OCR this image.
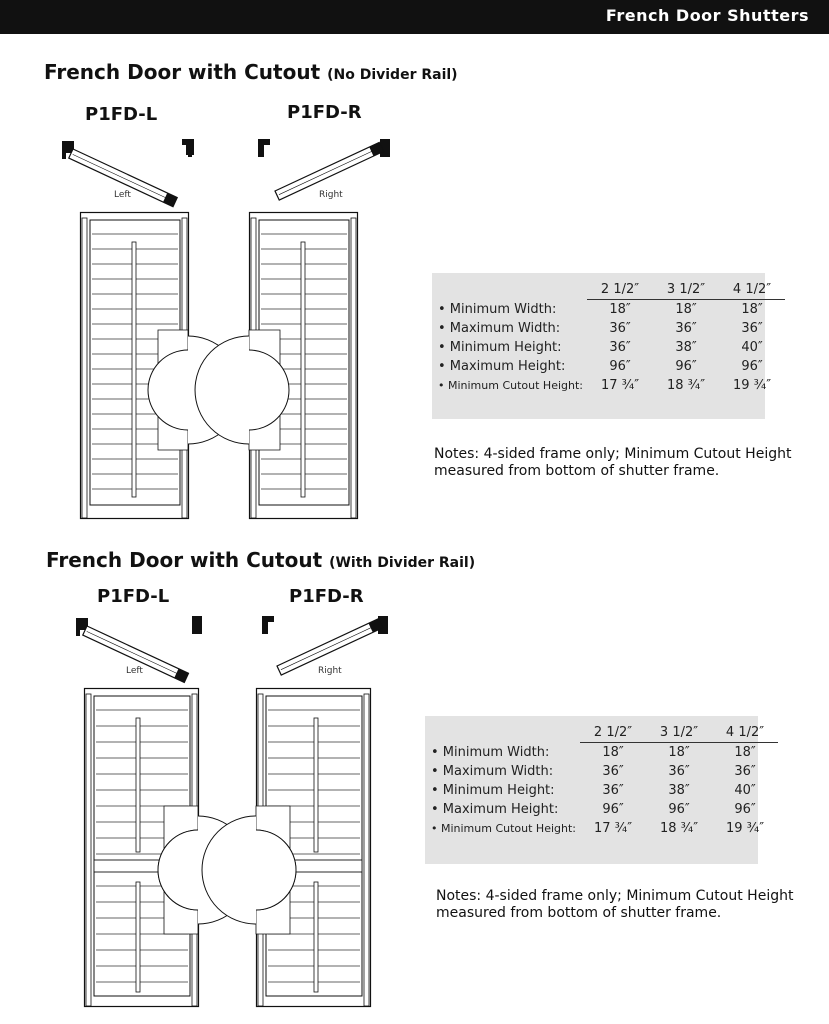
French Door Shutters
French Door with Cutout (No Divider Rail)
P1FD-L	P1FD-R
Left	Right
	2 1/2″	3 1/2″	4 1/2″
• Minimum Width:	18″	18″	18″
• Maximum Width:	36″	36″	36″
• Minimum Height:	36″	38″	40″
• Maximum Height:	96″	96″	96″
• Minimum Cutout Height:	17 ¾″	18 ¾″	19 ¾″
Notes: 4-sided frame only; Minimum Cutout Height
measured from bottom of shutter frame.
French Door with Cutout (With Divider Rail)
P1FD-L	P1FD-R
Left	Right
	2 1/2″	3 1/2″	4 1/2″
• Minimum Width:	18″	18″	18″
• Maximum Width:	36″	36″	36″
• Minimum Height:	36″	38″	40″
• Maximum Height:	96″	96″	96″
• Minimum Cutout Height:	17 ¾″	18 ¾″	19 ¾″
Notes: 4-sided frame only; Minimum Cutout Height
measured from bottom of shutter frame.
